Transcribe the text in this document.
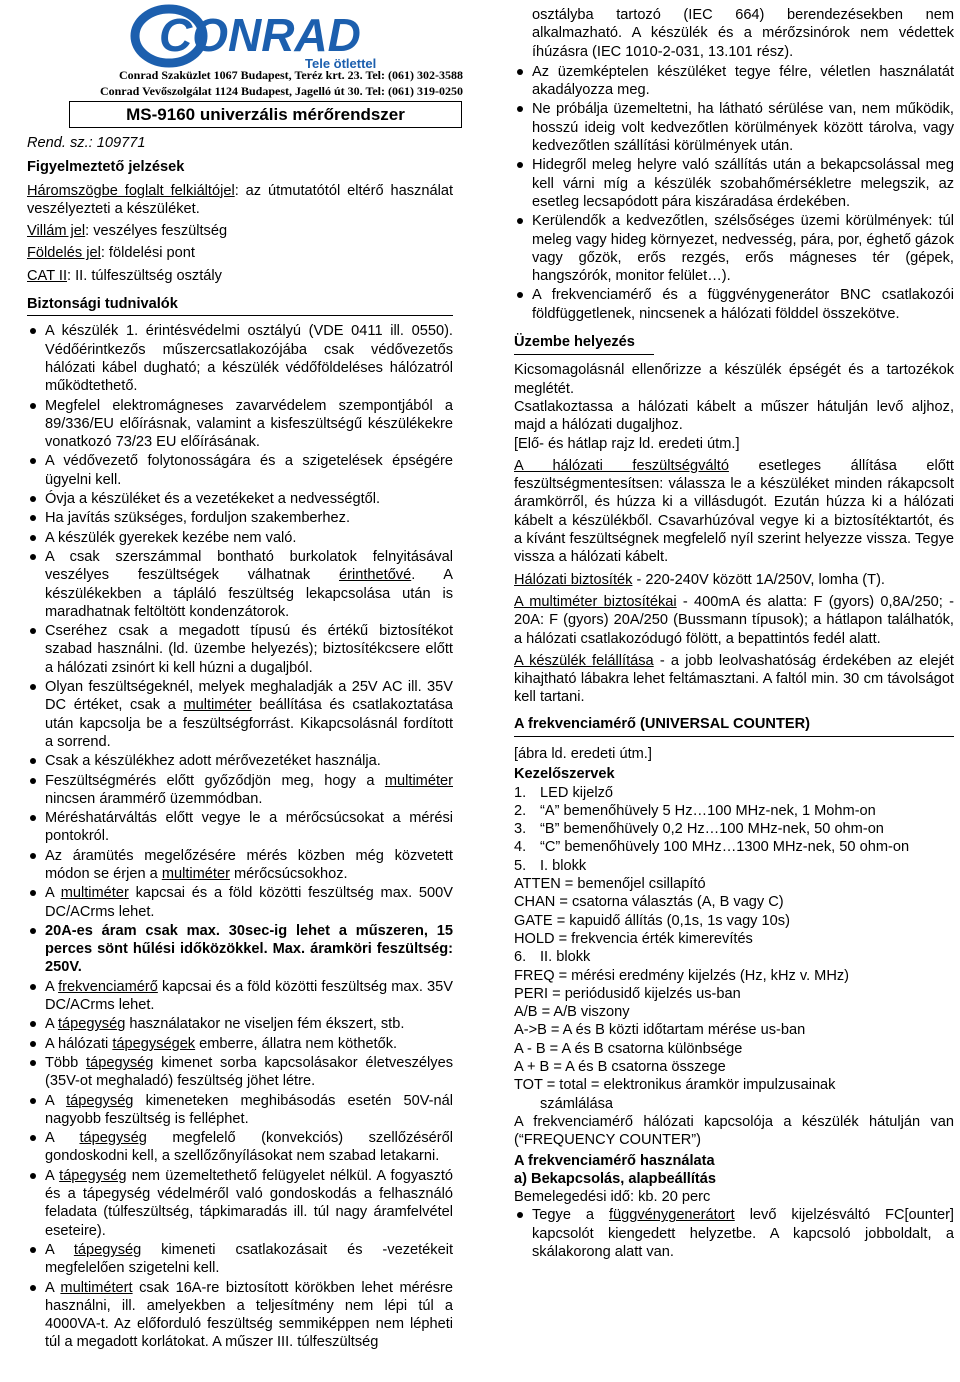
CONRAD
Tele ötlettel
Conrad Szaküzlet 1067 Budapest, Teréz krt. 23. Tel: (061) 302-3588
Conrad Vevőszolgálat 1124 Budapest, Jagelló út 30. Tel: (061) 319-0250
MS-9160 univerzális mérőrendszer
Rend. sz.: 109771
Figyelmeztető jelzések

Háromszögbe foglalt felkiáltójel: az útmutatótól eltérő használat veszélyezteti a készüléket.

Villám jel: veszélyes feszültség

Földelés jel: földelési pont

CAT II: II. túlfeszültség osztály

Biztonsági tudnivalók
A készülék 1. érintésvédelmi osztályú (VDE 0411 ill. 0550). Védőérintkezős műszercsatlakozójába csak védővezetős hálózati kábel dugható; a készülék védőföldeléses hálózatról működtethető.
Megfelel elektromágneses zavarvédelem szempontjából a 89/336/EU előírásnak, valamint a kisfeszültségű készülékekre vonatkozó 73/23 EU előírásának.
A védővezető folytonosságára és a szigetelések épségére ügyelni kell.
Óvja a készüléket és a vezetékeket a nedvességtől.
Ha javítás szükséges, forduljon szakemberhez.
A készülék gyerekek kezébe nem való.
A csak szerszámmal bontható burkolatok felnyitásával veszélyes feszültségek válhatnak érinthetővé. A készülékekben a tápláló feszültség lekapcsolása után is maradhatnak feltöltött kondenzátorok.
Cseréhez csak a megadott típusú és értékű biztosítékot szabad használni. (ld. üzembe helyezés); biztosítékcsere előtt a hálózati zsinórt ki kell húzni a dugaljból.
Olyan feszültségeknél, melyek meghaladják a 25V AC ill. 35V DC értéket, csak a multiméter beállítása és csatlakoztatása után kapcsolja be a feszültségforrást. Kikapcsolásnál fordított a sorrend.
Csak a készülékhez adott mérővezetéket használja.
Feszültségmérés előtt győződjön meg, hogy a multiméter nincsen árammérő üzemmódban.
Méréshatárváltás előtt vegye le a mérőcsúcsokat a mérési pontokról.
Az áramütés megelőzésére mérés közben még közvetett módon se érjen a multiméter mérőcsúcsokhoz.
A multiméter kapcsai és a föld közötti feszültség max. 500V DC/ACrms lehet.
20A-es áram csak max. 30sec-ig lehet a műszeren, 15 perces sönt hűlési időközökkel. Max. áramköri feszültség: 250V.
A frekvenciamérő kapcsai és a föld közötti feszültség max. 35V DC/ACrms lehet.
A tápegység használatakor ne viseljen fém ékszert, stb.
A hálózati tápegységek emberre, állatra nem köthetők.
Több tápegység kimenet sorba kapcsolásakor életveszélyes (35V-ot meghaladó) feszültség jöhet létre.
A tápegység kimeneteken meghibásodás esetén 50V-nál nagyobb feszültség is felléphet.
A tápegység megfelelő (konvekciós) szellőzéséről gondoskodni kell, a szellőzőnyílásokat nem szabad letakarni.
A tápegység nem üzemeltethető felügyelet nélkül. A fogyasztó és a tápegység védelméről való gondoskodás a felhasználó feladata (túlfeszültség, tápkimaradás ill. túl nagy áramfelvétel eseteire).
A tápegység kimeneti csatlakozásait és -vezetékeit megfelelően szigetelni kell.
A multimétert csak 16A-re biztosított körökben lehet mérésre használni, ill. amelyekben a teljesítmény nem lépi túl a 4000VA-t. Az előforduló feszültség semmiképpen nem lépheti túl a megadott korlátokat. A műszer III. túlfeszültség

osztályba tartozó (IEC 664) berendezésekben nem alkalmazható. A készülék és a mérőzsinórok nem védettek íhúzásra (IEC 1010-2-031, 13.101 rész).

Az üzemképtelen készüléket tegye félre, véletlen használatát akadályozza meg.
Ne próbálja üzemeltetni, ha látható sérülése van, nem működik, hosszú ideig volt kedvezőtlen körülmények között tárolva, vagy kedvezőtlen szállítási körülmények után.
Hidegről meleg helyre való szállítás után a bekapcsolással meg kell várni míg a készülék szobahőmérsékletre melegszik, az esetleg lecsapódott pára kiszáradása érdekében.
Kerülendők a kedvezőtlen, szélsőséges üzemi körülmények: túl meleg vagy hideg környezet, nedvesség, pára, por, éghető gázok vagy gőzök, erős rezgés, erős mágneses tér (gépek, hangszórók, monitor felület…).
A frekvenciamérő és a függvénygenerátor BNC csatlakozói földfüggetlenek, nincsenek a hálózati földdel összekötve.
Üzembe helyezés

Kicsomagolásnál ellenőrizze a készülék épségét és a tartozékok meglétét.

Csatlakoztassa a hálózati kábelt a műszer hátulján levő aljhoz, majd a hálózati dugaljhoz.

[Elő- és hátlap rajz ld. eredeti útm.]

A hálózati feszültségváltó esetleges állítása előtt feszültségmentesítsen: válassza le a készüléket minden rákapcsolt áramkörről, és húzza ki a villásdugót. Ezután húzza ki a hálózati kábelt a készülékből. Csavarhúzóval vegye ki a biztosítéktartót, és a kívánt feszültségnek megfelelő nyíl szerint helyezze vissza. Tegye vissza a hálózati kábelt.

Hálózati biztosíték - 220-240V között 1A/250V, lomha (T).

A multiméter biztosítékai - 400mA és alatta: F (gyors) 0,8A/250; - 20A: F (gyors) 20A/250 (Bussmann típusok); a hátlapon találhatók, a hálózati csatlakozódugó fölött, a bepattintós fedél alatt.

A készülék felállítása - a jobb leolvashatóság érdekében az elejét kihajtható lábakra lehet feltámasztani. A faltól min. 30 cm távolságot kell tartani.

A frekvenciamérő (UNIVERSAL COUNTER)

[ábra ld. eredeti útm.]

Kezelőszervek
1. LED kijelző
2. “A” bemenőhüvely 5 Hz…100 MHz-nek, 1 Mohm-on
3. “B” bemenőhüvely 0,2 Hz…100 MHz-nek, 50 ohm-on
4. “C” bemenőhüvely 100 MHz…1300 MHz-nek, 50 ohm-on
5. I. blokk
ATTEN = bemenőjel csillapító
CHAN = csatorna választás (A, B vagy C)
GATE = kapuidő állítás (0,1s, 1s vagy 10s)
HOLD = frekvencia érték kimerevítés
6. II. blokk
FREQ = mérési eredmény kijelzés (Hz, kHz v. MHz)
PERI = periódusidő kijelzés us-ban
A/B = A/B viszony
A->B = A és B közti időtartam mérése us-ban
A - B = A és B csatorna különbsége
A + B = A és B csatorna összege
TOT = total = elektronikus áramkör impulzusainak
számlálása

A frekvenciamérő hálózati kapcsolója a készülék hátulján van (“FREQUENCY COUNTER”)

A frekvenciamérő használata
a) Bekapcsolás, alapbeállítás
Bemelegedési idő: kb. 20 perc
Tegye a függvénygenerátort levő kijelzésváltó FC[ounter] kapcsolót kiengedett helyzetbe. A kapcsoló jobboldalt, a skálakorong alatt van.
